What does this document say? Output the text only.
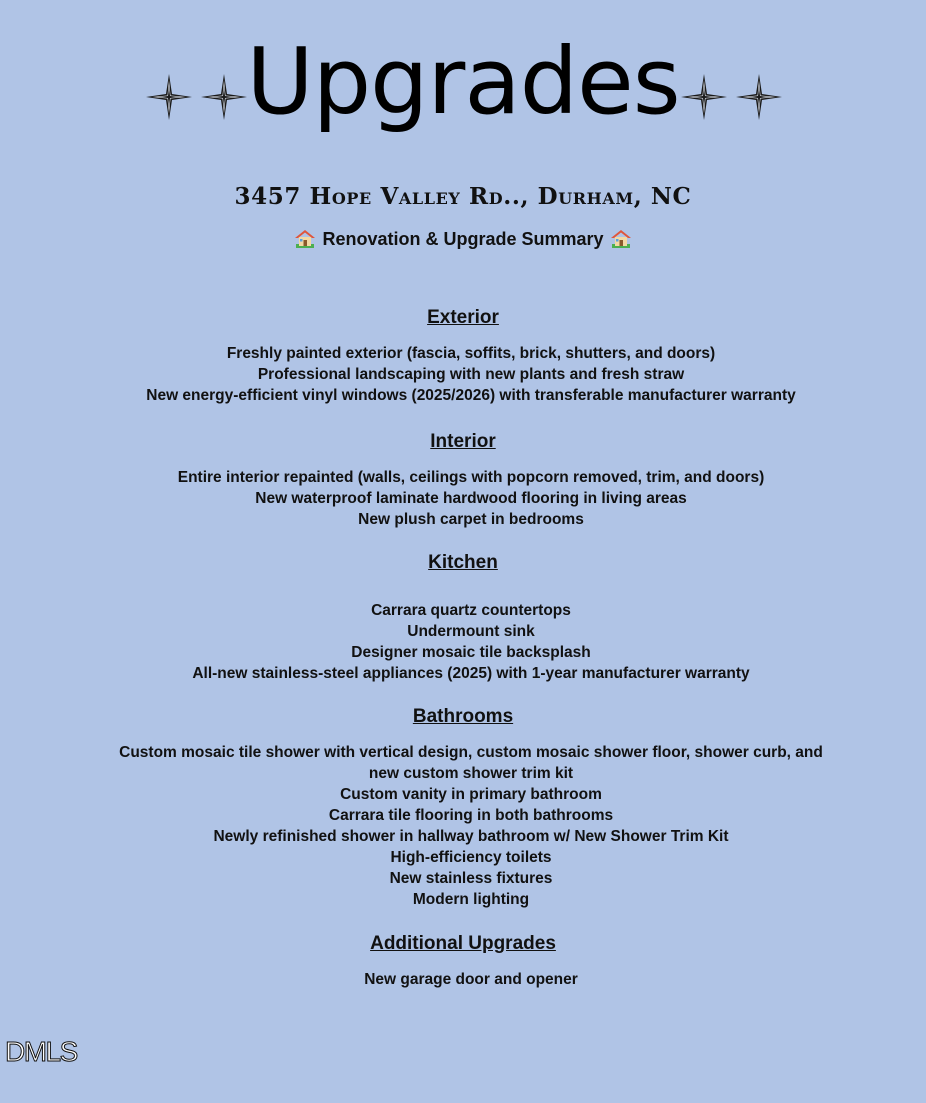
Upgrades
3457 Hope Valley Rd.., Durham, NC
Renovation & Upgrade Summary
Exterior

Freshly painted exterior (fascia, soffits, brick, shutters, and doors)

Professional landscaping with new plants and fresh straw

New energy-efficient vinyl windows (2025/2026) with transferable manufacturer warranty

Interior

Entire interior repainted (walls, ceilings with popcorn removed, trim, and doors)

New waterproof laminate hardwood flooring in living areas

New plush carpet in bedrooms

Kitchen

Carrara quartz countertops

Undermount sink

Designer mosaic tile backsplash

All-new stainless-steel appliances (2025) with 1-year manufacturer warranty

Bathrooms

Custom mosaic tile shower with vertical design, custom mosaic shower floor, shower curb, and new custom shower trim kit

Custom vanity in primary bathroom

Carrara tile flooring in both bathrooms

Newly refinished shower in hallway bathroom w/ New Shower Trim Kit

High-efficiency toilets

New stainless fixtures

Modern lighting

Additional Upgrades

New garage door and opener

DMLS
